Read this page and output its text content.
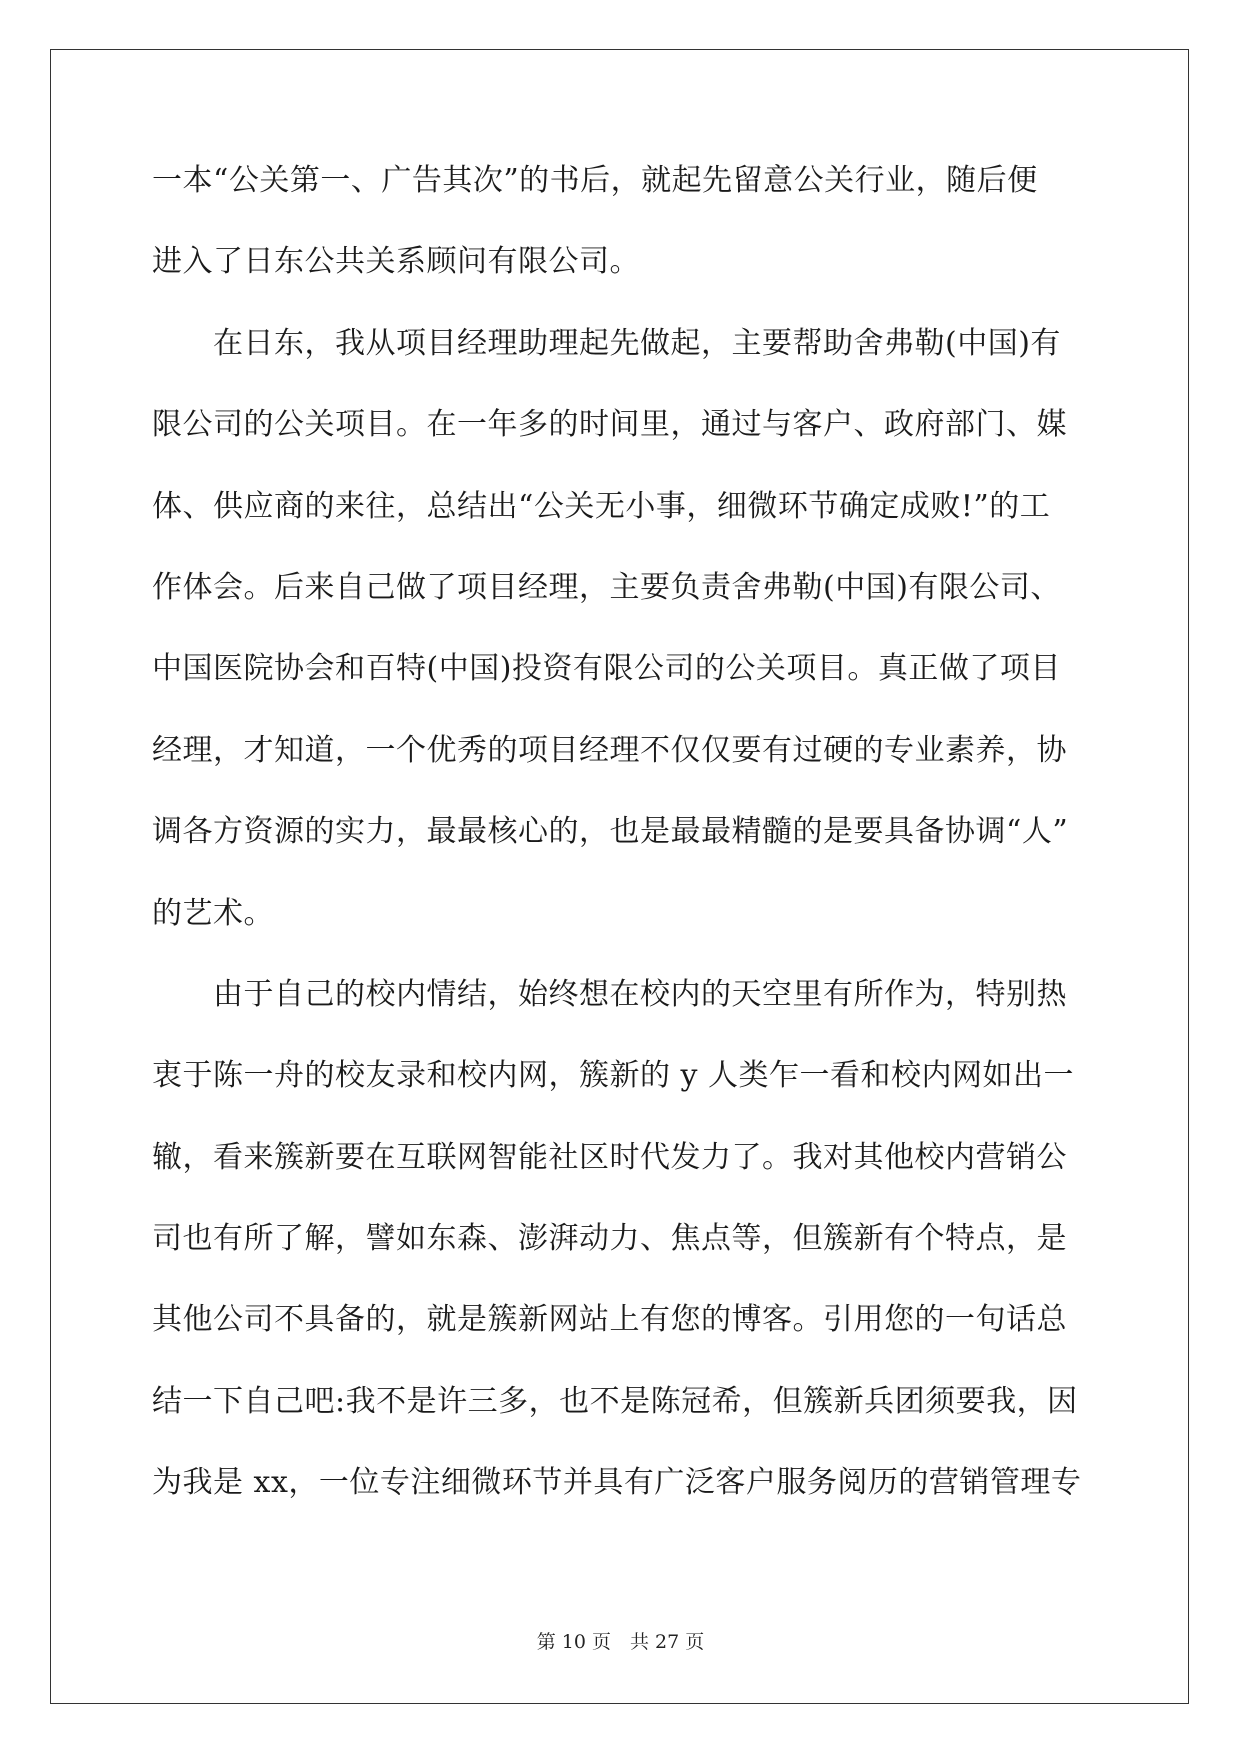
一本“公关第一、广告其次”的书后，就起先留意公关行业，随后便
进入了日东公共关系顾问有限公司。
　　在日东，我从项目经理助理起先做起，主要帮助舍弗勒(中国)有
限公司的公关项目。在一年多的时间里，通过与客户、政府部门、媒
体、供应商的来往，总结出“公关无小事，细微环节确定成败!”的工
作体会。后来自己做了项目经理，主要负责舍弗勒(中国)有限公司、
中国医院协会和百特(中国)投资有限公司的公关项目。真正做了项目
经理，才知道，一个优秀的项目经理不仅仅要有过硬的专业素养，协
调各方资源的实力，最最核心的，也是最最精髓的是要具备协调“人”
的艺术。
　　由于自己的校内情结，始终想在校内的天空里有所作为，特别热
衷于陈一舟的校友录和校内网，簇新的 y 人类乍一看和校内网如出一
辙，看来簇新要在互联网智能社区时代发力了。我对其他校内营销公
司也有所了解，譬如东森、澎湃动力、焦点等，但簇新有个特点，是
其他公司不具备的，就是簇新网站上有您的博客。引用您的一句话总
结一下自己吧:我不是许三多，也不是陈冠希，但簇新兵团须要我，因
为我是 xx，一位专注细微环节并具有广泛客户服务阅历的营销管理专
第 10 页　共 27 页
